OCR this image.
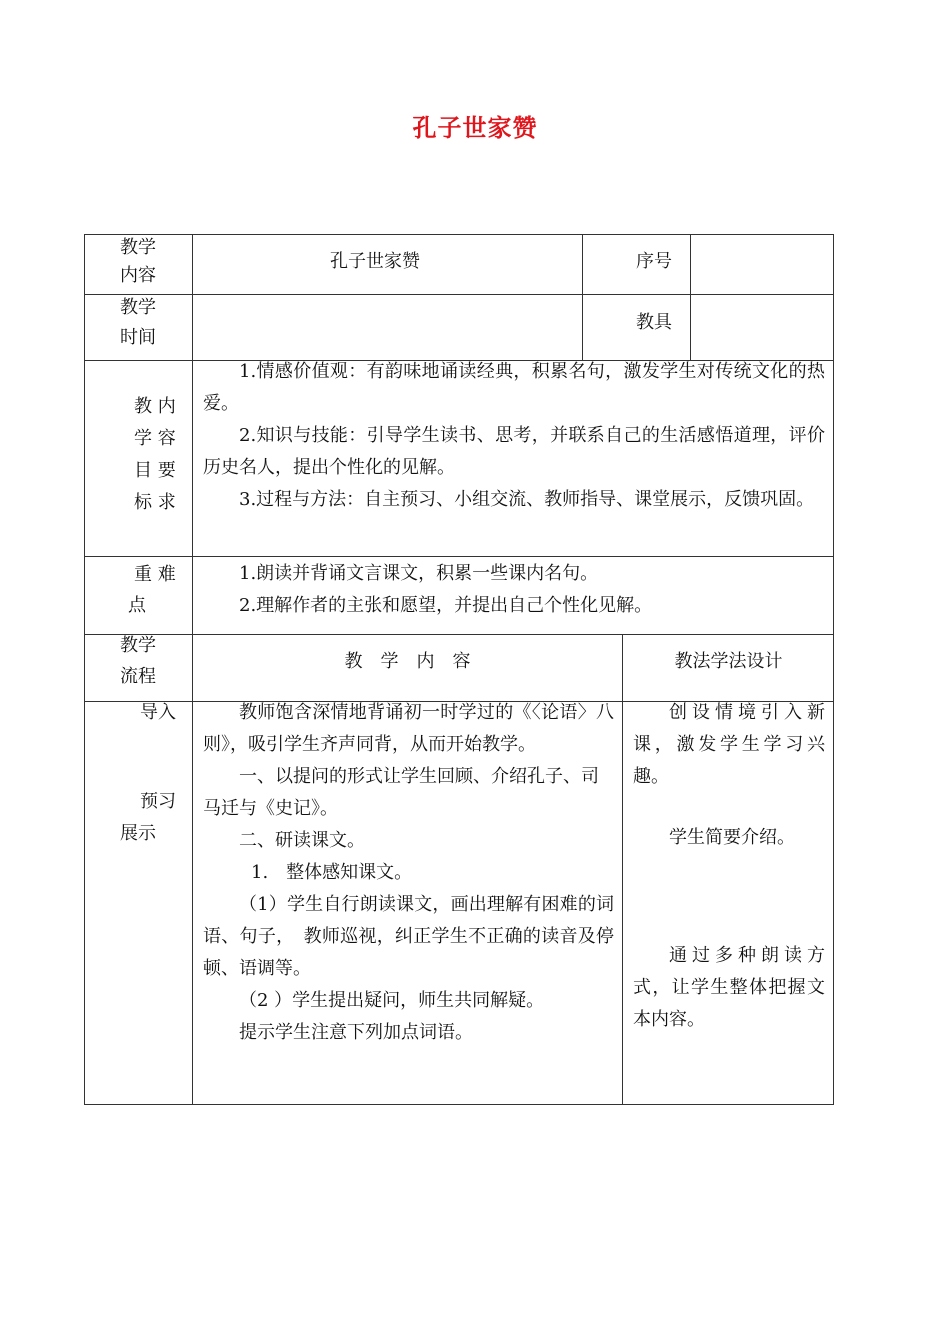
孔子世家赞
教学
内容
孔子世家赞	序号
教学
时间
教具
教 内
学 容
目 要
标 求

1.情感价值观：有韵味地诵读经典，积累名句，激发学生对传统文化的热爱。

2.知识与技能：引导学生读书、思考，并联系自己的生活感悟道理，评价历史名人，提出个性化的见解。

3.过程与方法：自主预习、小组交流、教师指导、课堂展示，反馈巩固。

重 难
点

1.朗读并背诵文言课文，积累一些课内名句。

2.理解作者的主张和愿望，并提出自己个性化见解。

教学
流程
教　学　内　容	教法学法设计
导入
预习
展示

教师饱含深情地背诵初一时学过的《〈论语〉八则》，吸引学生齐声同背，从而开始教学。

一、以提问的形式让学生回顾、介绍孔子、司马迁与《史记》。

二、研读课文。

1.　整体感知课文。

（1）学生自行朗读课文，画出理解有困难的词语、句子，　教师巡视，纠正学生不正确的读音及停顿、语调等。

（2 ）学生提出疑问，师生共同解疑。

提示学生注意下列加点词语。

创设情境引入新课，激发学生学习兴趣。
学生简要介绍。
通过多种朗读方式，让学生整体把握文本内容。
